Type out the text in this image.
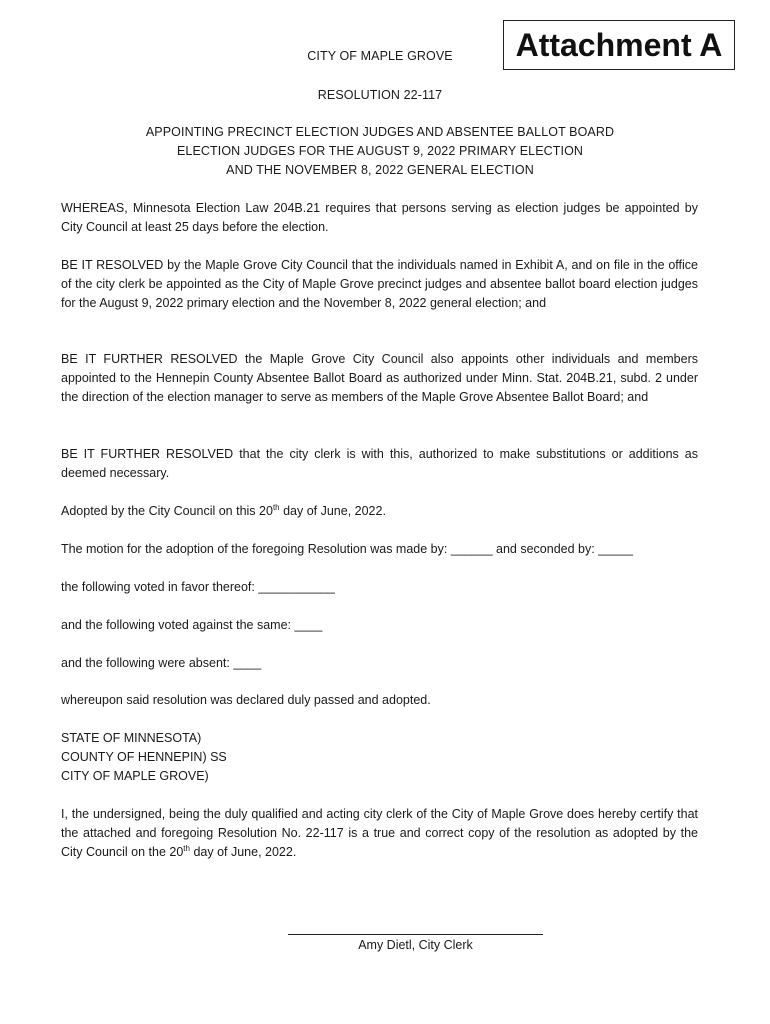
Attachment A
CITY OF MAPLE GROVE
RESOLUTION 22-117
APPOINTING PRECINCT ELECTION JUDGES AND ABSENTEE BALLOT BOARD
ELECTION JUDGES FOR THE AUGUST 9, 2022 PRIMARY ELECTION
AND THE NOVEMBER 8, 2022 GENERAL ELECTION

WHEREAS, Minnesota Election Law 204B.21 requires that persons serving as election judges be appointed by City Council at least 25 days before the election.

BE IT RESOLVED by the Maple Grove City Council that the individuals named in Exhibit A, and on file in the office of the city clerk be appointed as the City of Maple Grove precinct judges and absentee ballot board election judges for the August 9, 2022 primary election and the November 8, 2022 general election; and

BE IT FURTHER RESOLVED the Maple Grove City Council also appoints other individuals and members appointed to the Hennepin County Absentee Ballot Board as authorized under Minn. Stat. 204B.21, subd. 2 under the direction of the election manager to serve as members of the Maple Grove Absentee Ballot Board; and

BE IT FURTHER RESOLVED that the city clerk is with this, authorized to make substitutions or additions as deemed necessary.

Adopted by the City Council on this 20th day of June, 2022.

The motion for the adoption of the foregoing Resolution was made by: ______ and seconded by: _____

the following voted in favor thereof: ___________

and the following voted against the same: ____

and the following were absent: ____

whereupon said resolution was declared duly passed and adopted.

STATE OF MINNESOTA)
COUNTY OF HENNEPIN) SS
CITY OF MAPLE GROVE)

I, the undersigned, being the duly qualified and acting city clerk of the City of Maple Grove does hereby certify that the attached and foregoing Resolution No. 22-117 is a true and correct copy of the resolution as adopted by the City Council on the 20th day of June, 2022.

Amy Dietl, City Clerk
